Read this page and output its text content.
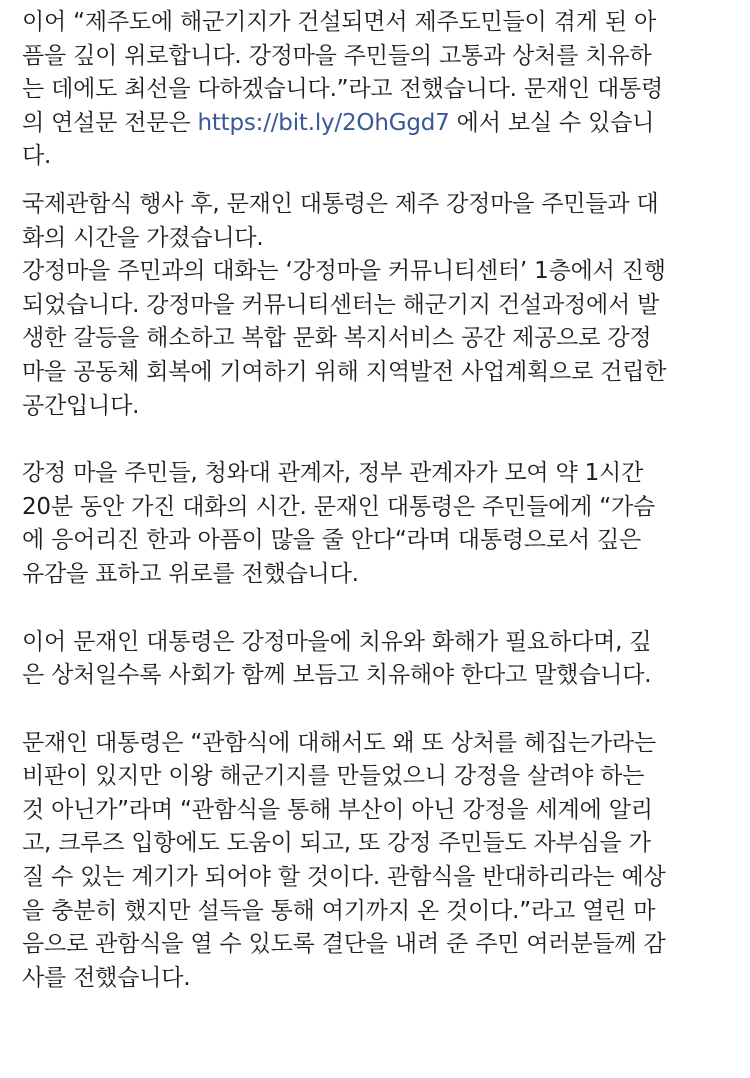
이어 “제주도에 해군기지가 건설되면서 제주도민들이 겪게 된 아
픔을 깊이 위로합니다. 강정마을 주민들의 고통과 상처를 치유하
는 데에도 최선을 다하겠습니다.”라고 전했습니다. 문재인 대통령
의 연설문 전문은 https://bit.ly/2OhGgd7 에서 보실 수 있습니
다.
국제관함식 행사 후, 문재인 대통령은 제주 강정마을 주민들과 대
화의 시간을 가졌습니다.
강정마을 주민과의 대화는 ‘강정마을 커뮤니티센터’ 1층에서 진행
되었습니다. 강정마을 커뮤니티센터는 해군기지 건설과정에서 발
생한 갈등을 해소하고 복합 문화 복지서비스 공간 제공으로 강정
마을 공동체 회복에 기여하기 위해 지역발전 사업계획으로 건립한
공간입니다.
강정 마을 주민들, 청와대 관계자, 정부 관계자가 모여 약 1시간
20분 동안 가진 대화의 시간. 문재인 대통령은 주민들에게 “가슴
에 응어리진 한과 아픔이 많을 줄 안다“라며 대통령으로서 깊은
유감을 표하고 위로를 전했습니다.
이어 문재인 대통령은 강정마을에 치유와 화해가 필요하다며, 깊
은 상처일수록 사회가 함께 보듬고 치유해야 한다고 말했습니다.
문재인 대통령은 “관함식에 대해서도 왜 또 상처를 헤집는가라는
비판이 있지만 이왕 해군기지를 만들었으니 강정을 살려야 하는
것 아닌가”라며 “관함식을 통해 부산이 아닌 강정을 세계에 알리
고, 크루즈 입항에도 도움이 되고, 또 강정 주민들도 자부심을 가
질 수 있는 계기가 되어야 할 것이다. 관함식을 반대하리라는 예상
을 충분히 했지만 설득을 통해 여기까지 온 것이다.”라고 열린 마
음으로 관함식을 열 수 있도록 결단을 내려 준 주민 여러분들께 감
사를 전했습니다.
